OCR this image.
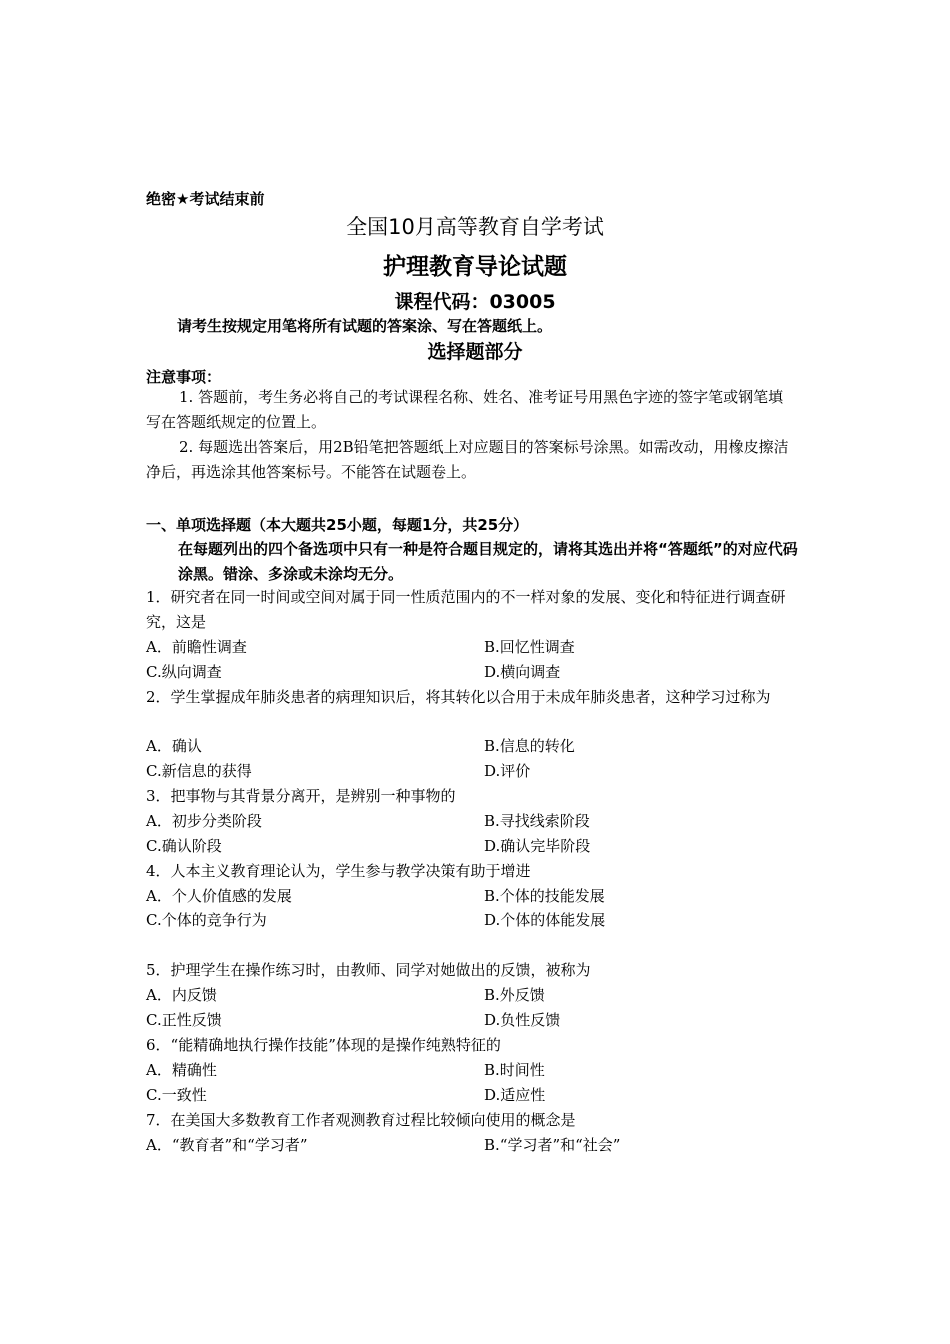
绝密★考试结束前
全国10月高等教育自学考试
护理教育导论试题
课程代码：03005
请考生按规定用笔将所有试题的答案涂、写在答题纸上。
选择题部分
注意事项：
1. 答题前，考生务必将自己的考试课程名称、姓名、准考证号用黑色字迹的签字笔或钢笔填写在答题纸规定的位置上。
2. 每题选出答案后，用2B铅笔把答题纸上对应题目的答案标号涂黑。如需改动，用橡皮擦洁净后，再选涂其他答案标号。不能答在试题卷上。
一、单项选择题（本大题共25小题，每题1分，共25分）
在每题列出的四个备选项中只有一种是符合题目规定的，请将其选出并将“答题纸”的对应代码涂黑。错涂、多涂或未涂均无分。
1．研究者在同一时间或空间对属于同一性质范围内的不一样对象的发展、变化和特征进行调查研究，这是
A．前瞻性调查	B.回忆性调查
C.纵向调查	D.横向调查
2．学生掌握成年肺炎患者的病理知识后，将其转化以合用于未成年肺炎患者，这种学习过称为
A．确认	B.信息的转化
C.新信息的获得	D.评价
3．把事物与其背景分离开，是辨别一种事物的
A．初步分类阶段	B.寻找线索阶段
C.确认阶段	D.确认完毕阶段
4．人本主义教育理论认为，学生参与教学决策有助于增进
A．个人价值感的发展	B.个体的技能发展
C.个体的竞争行为	D.个体的体能发展
5．护理学生在操作练习时，由教师、同学对她做出的反馈，被称为
A．内反馈	B.外反馈
C.正性反馈	D.负性反馈
6．“能精确地执行操作技能”体现的是操作纯熟特征的
A．精确性	B.时间性
C.一致性	D.适应性
7．在美国大多数教育工作者观测教育过程比较倾向使用的概念是
A．“教育者”和“学习者”	B.“学习者”和“社会”
